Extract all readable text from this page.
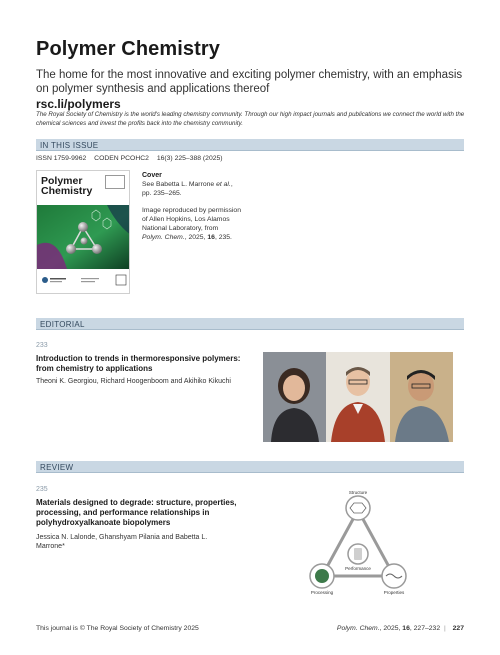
Polymer Chemistry
The home for the most innovative and exciting polymer chemistry, with an emphasis on polymer synthesis and applications thereof
rsc.li/polymers
The Royal Society of Chemistry is the world's leading chemistry community. Through our high impact journals and publications we connect the world with the chemical sciences and invest the profits back into the chemistry community.
IN THIS ISSUE
ISSN 1759-9962 CODEN PCOHC2 16(3) 225–388 (2025)
Polymer
Chemistry
Cover
See Babetta L. Marrone et al., pp. 235–265.
Image reproduced by permission of Allen Hopkins, Los Alamos National Laboratory, from
Polym. Chem., 2025, 16, 235.
EDITORIAL
233
Introduction to trends in thermoresponsive polymers: from chemistry to applications
Theoni K. Georgiou, Richard Hoogenboom and Akihiko Kikuchi
REVIEW
235
Materials designed to degrade: structure, properties, processing, and performance relationships in polyhydroxyalkanoate biopolymers
Jessica N. Lalonde, Ghanshyam Pilania and Babetta L. Marrone*
Structure
Performance
Processing	Properties
This journal is © The Royal Society of Chemistry 2025	Polym. Chem., 2025, 16, 227–232 | 227
